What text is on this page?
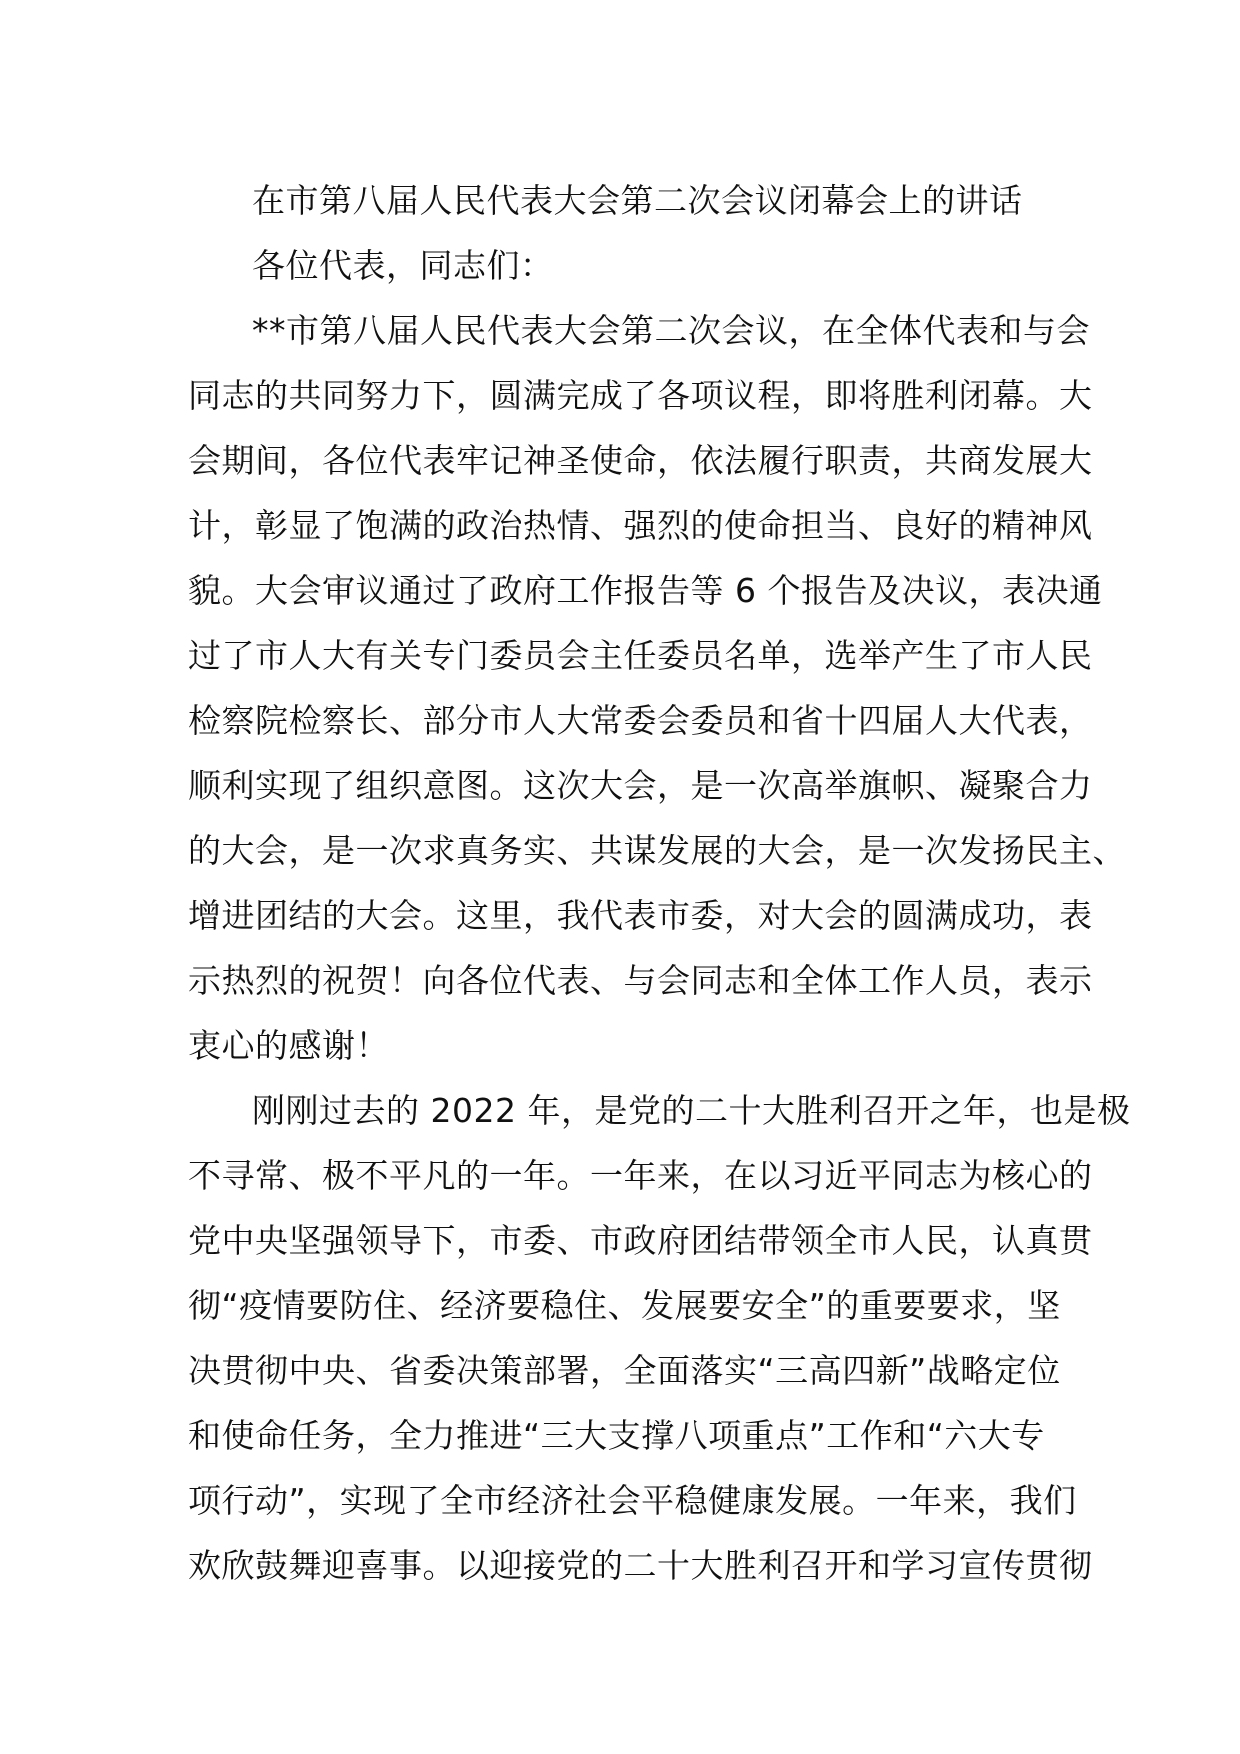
在市第八届人民代表大会第二次会议闭幕会上的讲话
各位代表，同志们：
**市第八届人民代表大会第二次会议，在全体代表和与会
同志的共同努力下，圆满完成了各项议程，即将胜利闭幕。大
会期间，各位代表牢记神圣使命，依法履行职责，共商发展大
计，彰显了饱满的政治热情、强烈的使命担当、良好的精神风
貌。大会审议通过了政府工作报告等 6 个报告及决议，表决通
过了市人大有关专门委员会主任委员名单，选举产生了市人民
检察院检察长、部分市人大常委会委员和省十四届人大代表，
顺利实现了组织意图。这次大会，是一次高举旗帜、凝聚合力
的大会，是一次求真务实、共谋发展的大会，是一次发扬民主、
增进团结的大会。这里，我代表市委，对大会的圆满成功，表
示热烈的祝贺！向各位代表、与会同志和全体工作人员，表示
衷心的感谢！
刚刚过去的 2022 年，是党的二十大胜利召开之年，也是极
不寻常、极不平凡的一年。一年来，在以习近平同志为核心的
党中央坚强领导下，市委、市政府团结带领全市人民，认真贯
彻“疫情要防住、经济要稳住、发展要安全”的重要要求，坚
决贯彻中央、省委决策部署，全面落实“三高四新”战略定位
和使命任务，全力推进“三大支撑八项重点”工作和“六大专
项行动”，实现了全市经济社会平稳健康发展。一年来，我们
欢欣鼓舞迎喜事。以迎接党的二十大胜利召开和学习宣传贯彻
